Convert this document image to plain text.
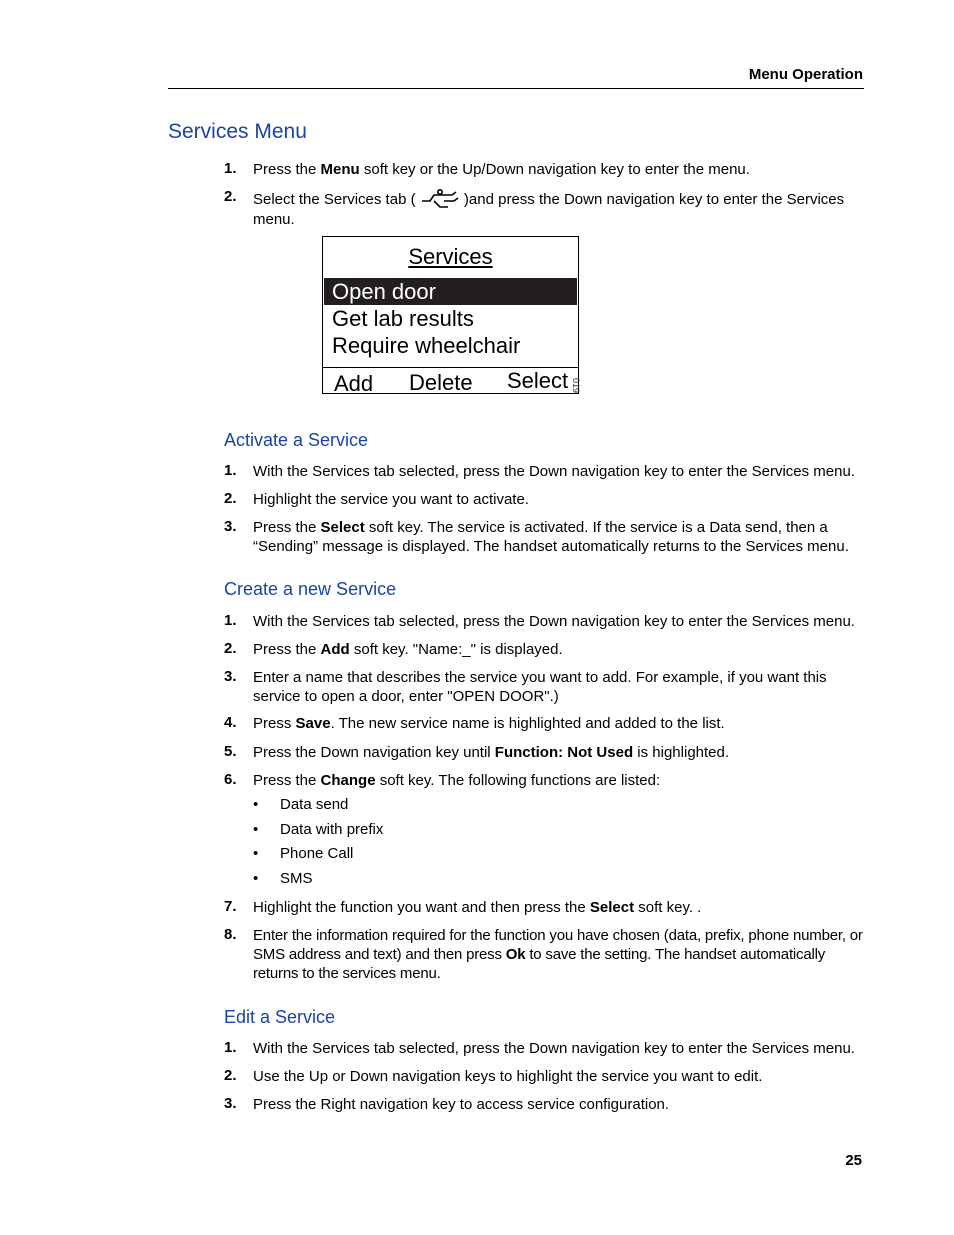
Menu Operation
Services Menu
1.	Press the Menu soft key or the Up/Down navigation key to enter the menu.
2.	Select the Services tab (	)and press the Down navigation key to enter the Services menu.
Services
Open door
Get lab results
Require wheelchair
Add Delete Select 019
Activate a Service
1.	With the Services tab selected, press the Down navigation key to enter the Services menu.
2.	Highlight the service you want to activate.
3.	Press the Select soft key. The service is activated. If the service is a Data send, then a “Sending” message is displayed. The handset automatically returns to the Services menu.
Create a new Service
1.	With the Services tab selected, press the Down navigation key to enter the Services menu.
2.	Press the Add soft key. "Name:_" is displayed.
3.	Enter a name that describes the service you want to add. For example, if you want this service to open a door, enter "OPEN DOOR".)
4.	Press Save. The new service name is highlighted and added to the list.
5.	Press the Down navigation key until Function: Not Used is highlighted.
6.	Press the Change soft key. The following functions are listed:
• Data send
• Data with prefix
• Phone Call
• SMS
7.	Highlight the function you want and then press the Select soft key. .
8.	Enter the information required for the function you have chosen (data, prefix, phone number, or SMS address and text) and then press Ok to save the setting. The handset automatically returns to the services menu.
Edit a Service
1.	With the Services tab selected, press the Down navigation key to enter the Services menu.
2.	Use the Up or Down navigation keys to highlight the service you want to edit.
3.	Press the Right navigation key to access service configuration.
25
